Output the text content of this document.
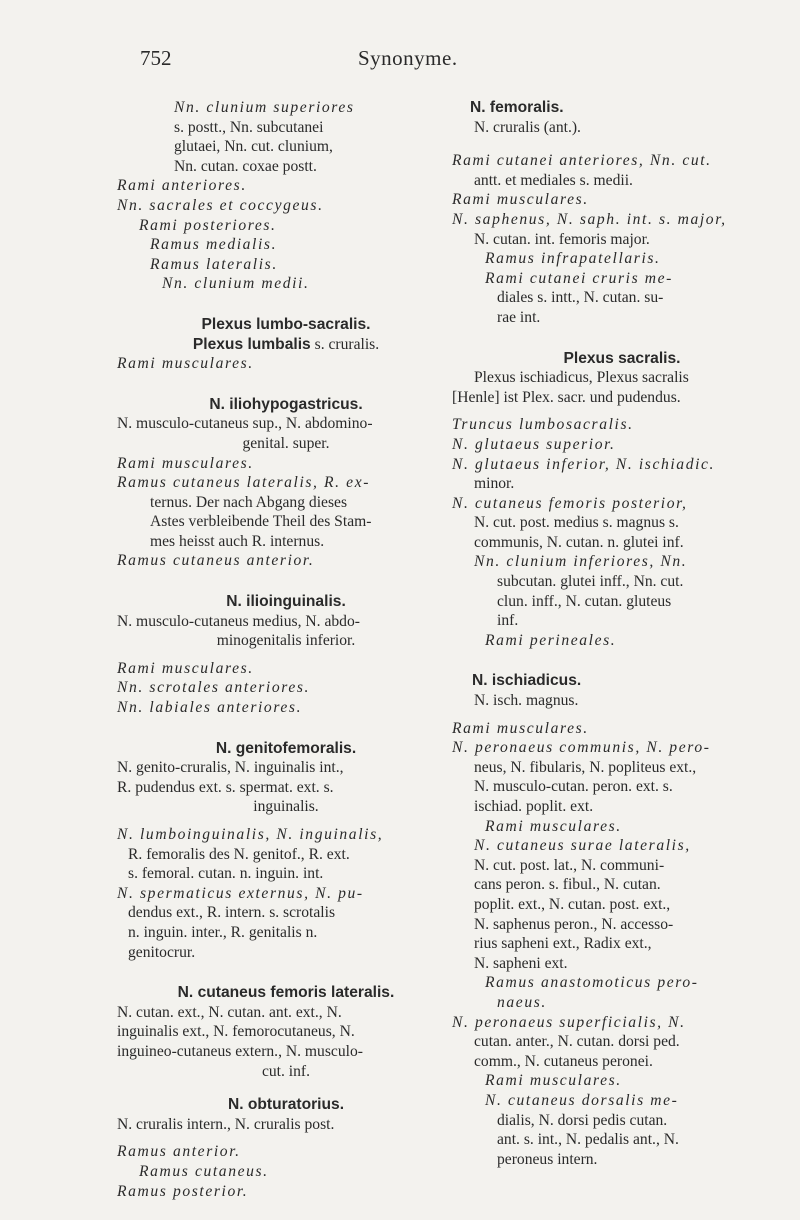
752	Synonyme.
Nn. clunium superiores
s. postt., Nn. subcutanei
glutaei, Nn. cut. clunium,
Nn. cutan. coxae postt.
Rami anteriores.
Nn. sacrales et coccygeus.
Rami posteriores.
Ramus medialis.
Ramus lateralis.
Nn. clunium medii.
Plexus lumbo-sacralis.
Plexus lumbalis s. cruralis.
Rami musculares.
N. iliohypogastricus.
N. musculo-cutaneus sup., N. abdomino-
genital. super.
Rami musculares.
Ramus cutaneus lateralis, R. ex-
ternus. Der nach Abgang dieses
Astes verbleibende Theil des Stam-
mes heisst auch R. internus.
Ramus cutaneus anterior.
N. ilioinguinalis.
N. musculo-cutaneus medius, N. abdo-
minogenitalis inferior.
Rami musculares.
Nn. scrotales anteriores.
Nn. labiales anteriores.
N. genitofemoralis.
N. genito-cruralis, N. inguinalis int.,
R. pudendus ext. s. spermat. ext. s.
inguinalis.
N. lumboinguinalis, N. inguinalis,
R. femoralis des N. genitof., R. ext.
s. femoral. cutan. n. inguin. int.
N. spermaticus externus, N. pu-
dendus ext., R. intern. s. scrotalis
n. inguin. inter., R. genitalis n.
genitocrur.
N. cutaneus femoris lateralis.
N. cutan. ext., N. cutan. ant. ext., N.
inguinalis ext., N. femorocutaneus, N.
inguineo-cutaneus extern., N. musculo-
cut. inf.
N. obturatorius.
N. cruralis intern., N. cruralis post.
Ramus anterior.
Ramus cutaneus.
Ramus posterior.
N. femoralis.
N. cruralis (ant.).
Rami cutanei anteriores, Nn. cut.
antt. et mediales s. medii.
Rami musculares.
N. saphenus, N. saph. int. s. major,
N. cutan. int. femoris major.
Ramus infrapatellaris.
Rami cutanei cruris me-
diales s. intt., N. cutan. su-
rae int.
Plexus sacralis.
Plexus ischiadicus, Plexus sacralis
[Henle] ist Plex. sacr. und pudendus.
Truncus lumbosacralis.
N. glutaeus superior.
N. glutaeus inferior, N. ischiadic.
minor.
N. cutaneus femoris posterior,
N. cut. post. medius s. magnus s.
communis, N. cutan. n. glutei inf.
Nn. clunium inferiores, Nn.
subcutan. glutei inff., Nn. cut.
clun. inff., N. cutan. gluteus
inf.
Rami perineales.
N. ischiadicus.
N. isch. magnus.
Rami musculares.
N. peronaeus communis, N. pero-
neus, N. fibularis, N. popliteus ext.,
N. musculo-cutan. peron. ext. s.
ischiad. poplit. ext.
Rami musculares.
N. cutaneus surae lateralis,
N. cut. post. lat., N. communi-
cans peron. s. fibul., N. cutan.
poplit. ext., N. cutan. post. ext.,
N. saphenus peron., N. accesso-
rius sapheni ext., Radix ext.,
N. sapheni ext.
Ramus anastomoticus pero-
naeus.
N. peronaeus superficialis, N.
cutan. anter., N. cutan. dorsi ped.
comm., N. cutaneus peronei.
Rami musculares.
N. cutaneus dorsalis me-
dialis, N. dorsi pedis cutan.
ant. s. int., N. pedalis ant., N.
peroneus intern.
